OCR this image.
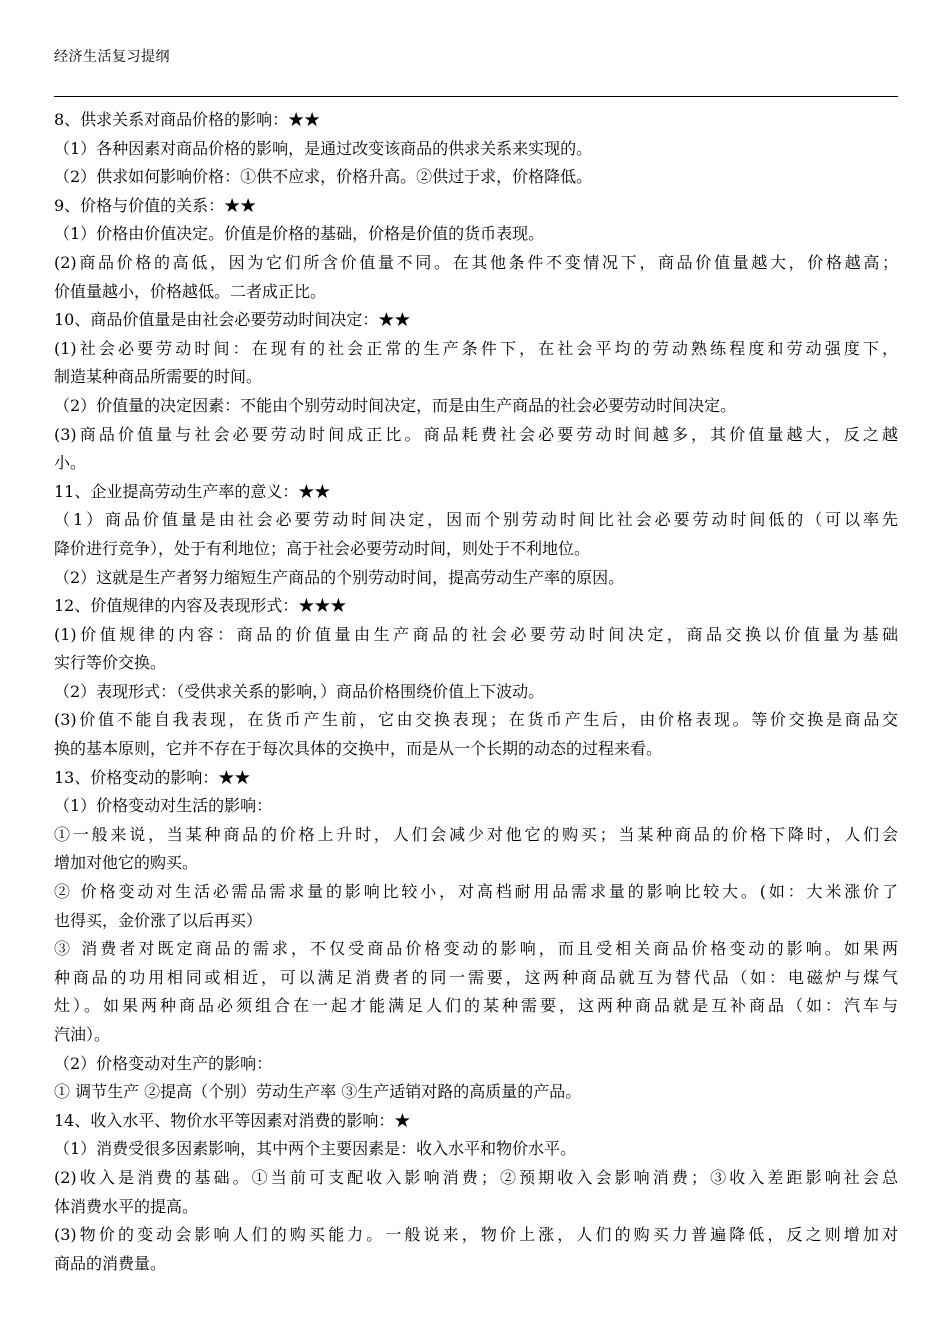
经济生活复习提纲
8、供求关系对商品价格的影响：★★
（1）各种因素对商品价格的影响，是通过改变该商品的供求关系来实现的。
（2）供求如何影响价格：①供不应求，价格升高。②供过于求，价格降低。
9、价格与价值的关系：★★
（1）价格由价值决定。价值是价格的基础，价格是价值的货币表现。
(2)商品价格的高低，因为它们所含价值量不同。在其他条件不变情况下，商品价值量越大，价格越高；
价值量越小，价格越低。二者成正比。
10、商品价值量是由社会必要劳动时间决定：★★
(1)社会必要劳动时间：在现有的社会正常的生产条件下，在社会平均的劳动熟练程度和劳动强度下，
制造某种商品所需要的时间。
（2）价值量的决定因素：不能由个别劳动时间决定，而是由生产商品的社会必要劳动时间决定。
(3)商品价值量与社会必要劳动时间成正比。商品耗费社会必要劳动时间越多，其价值量越大，反之越
小。
11、企业提高劳动生产率的意义：★★
（1）商品价值量是由社会必要劳动时间决定，因而个别劳动时间比社会必要劳动时间低的（可以率先
降价进行竞争），处于有利地位；高于社会必要劳动时间，则处于不利地位。
（2）这就是生产者努力缩短生产商品的个别劳动时间，提高劳动生产率的原因。
12、价值规律的内容及表现形式：★★★
(1)价值规律的内容：商品的价值量由生产商品的社会必要劳动时间决定，商品交换以价值量为基础
实行等价交换。
（2）表现形式：（受供求关系的影响，）商品价格围绕价值上下波动。
(3)价值不能自我表现，在货币产生前，它由交换表现；在货币产生后，由价格表现。等价交换是商品交
换的基本原则，它并不存在于每次具体的交换中，而是从一个长期的动态的过程来看。
13、价格变动的影响：★★
（1）价格变动对生活的影响：
①一般来说，当某种商品的价格上升时，人们会减少对他它的购买；当某种商品的价格下降时，人们会
增加对他它的购买。
② 价格变动对生活必需品需求量的影响比较小，对高档耐用品需求量的影响比较大。(如：大米涨价了
也得买，金价涨了以后再买）
③ 消费者对既定商品的需求，不仅受商品价格变动的影响，而且受相关商品价格变动的影响。如果两
种商品的功用相同或相近，可以满足消费者的同一需要，这两种商品就互为替代品（如：电磁炉与煤气
灶）。如果两种商品必须组合在一起才能满足人们的某种需要，这两种商品就是互补商品（如：汽车与
汽油）。
（2）价格变动对生产的影响：
① 调节生产 ②提高（个别）劳动生产率 ③生产适销对路的高质量的产品。
14、收入水平、物价水平等因素对消费的影响：★
（1）消费受很多因素影响，其中两个主要因素是：收入水平和物价水平。
(2)收入是消费的基础。①当前可支配收入影响消费；②预期收入会影响消费；③收入差距影响社会总
体消费水平的提高。
(3)物价的变动会影响人们的购买能力。一般说来，物价上涨，人们的购买力普遍降低，反之则增加对
商品的消费量。
